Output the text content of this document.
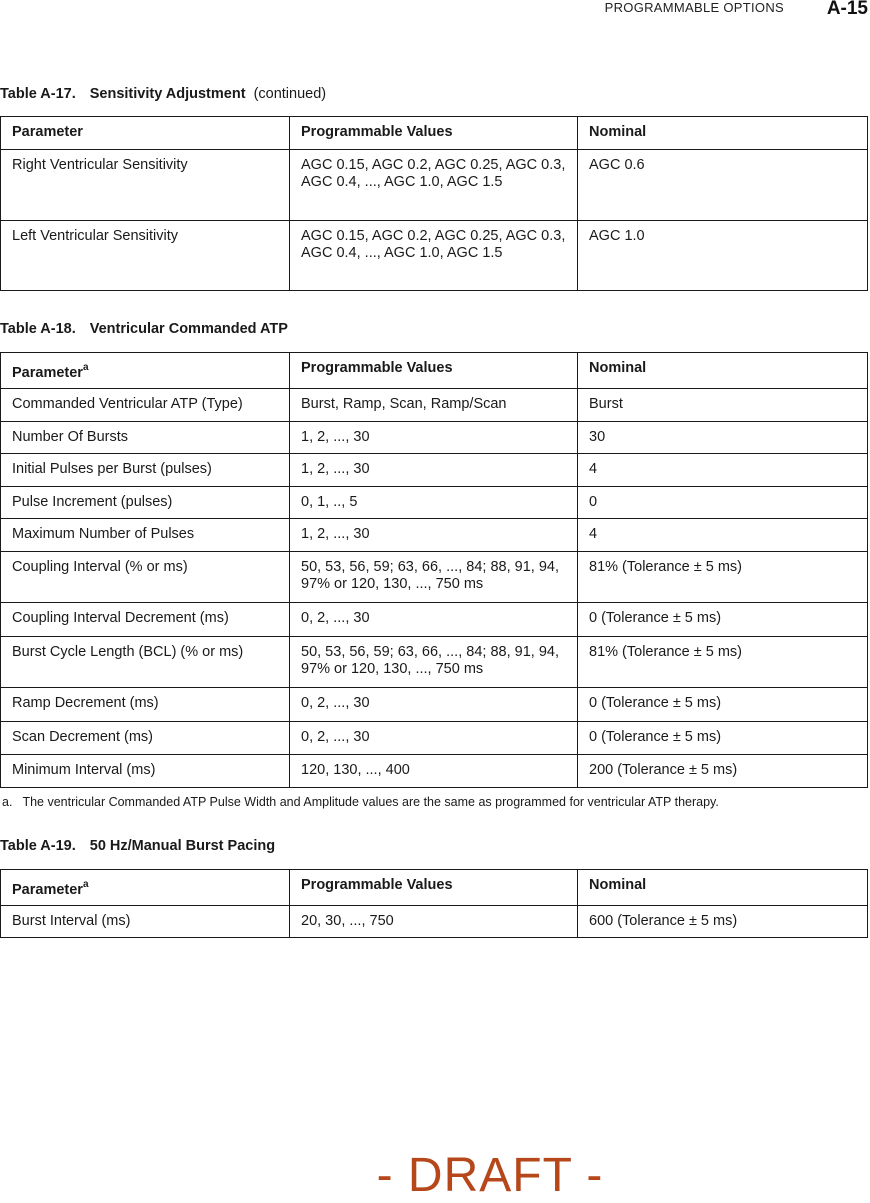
PROGRAMMABLE OPTIONS A-15
Table A-17. Sensitivity Adjustment (continued)
Parameter	Programmable Values	Nominal
Right Ventricular Sensitivity	AGC 0.15, AGC 0.2, AGC 0.25, AGC 0.3, AGC 0.4, ..., AGC 1.0, AGC 1.5	AGC 0.6
Left Ventricular Sensitivity	AGC 0.15, AGC 0.2, AGC 0.25, AGC 0.3, AGC 0.4, ..., AGC 1.0, AGC 1.5	AGC 1.0
Table A-18. Ventricular Commanded ATP
Parameter$^a$	Programmable Values	Nominal
Commanded Ventricular ATP (Type)	Burst, Ramp, Scan, Ramp/Scan	Burst
Number Of Bursts	1, 2, ..., 30	30
Initial Pulses per Burst (pulses)	1, 2, ..., 30	4
Pulse Increment (pulses)	0, 1, .., 5	0
Maximum Number of Pulses	1, 2, ..., 30	4
Coupling Interval (% or ms)	50, 53, 56, 59; 63, 66, ..., 84; 88, 91, 94, 97% or 120, 130, ..., 750 ms	81% (Tolerance ± 5 ms)
Coupling Interval Decrement (ms)	0, 2, ..., 30	0 (Tolerance ± 5 ms)
Burst Cycle Length (BCL) (% or ms)	50, 53, 56, 59; 63, 66, ..., 84; 88, 91, 94, 97% or 120, 130, ..., 750 ms	81% (Tolerance ± 5 ms)
Ramp Decrement (ms)	0, 2, ..., 30	0 (Tolerance ± 5 ms)
Scan Decrement (ms)	0, 2, ..., 30	0 (Tolerance ± 5 ms)
Minimum Interval (ms)	120, 130, ..., 400	200 (Tolerance ± 5 ms)
a. The ventricular Commanded ATP Pulse Width and Amplitude values are the same as programmed for ventricular ATP therapy.
Table A-19. 50 Hz/Manual Burst Pacing
Parameter$^a$	Programmable Values	Nominal
Burst Interval (ms)	20, 30, ..., 750	600 (Tolerance ± 5 ms)
- DRAFT -
